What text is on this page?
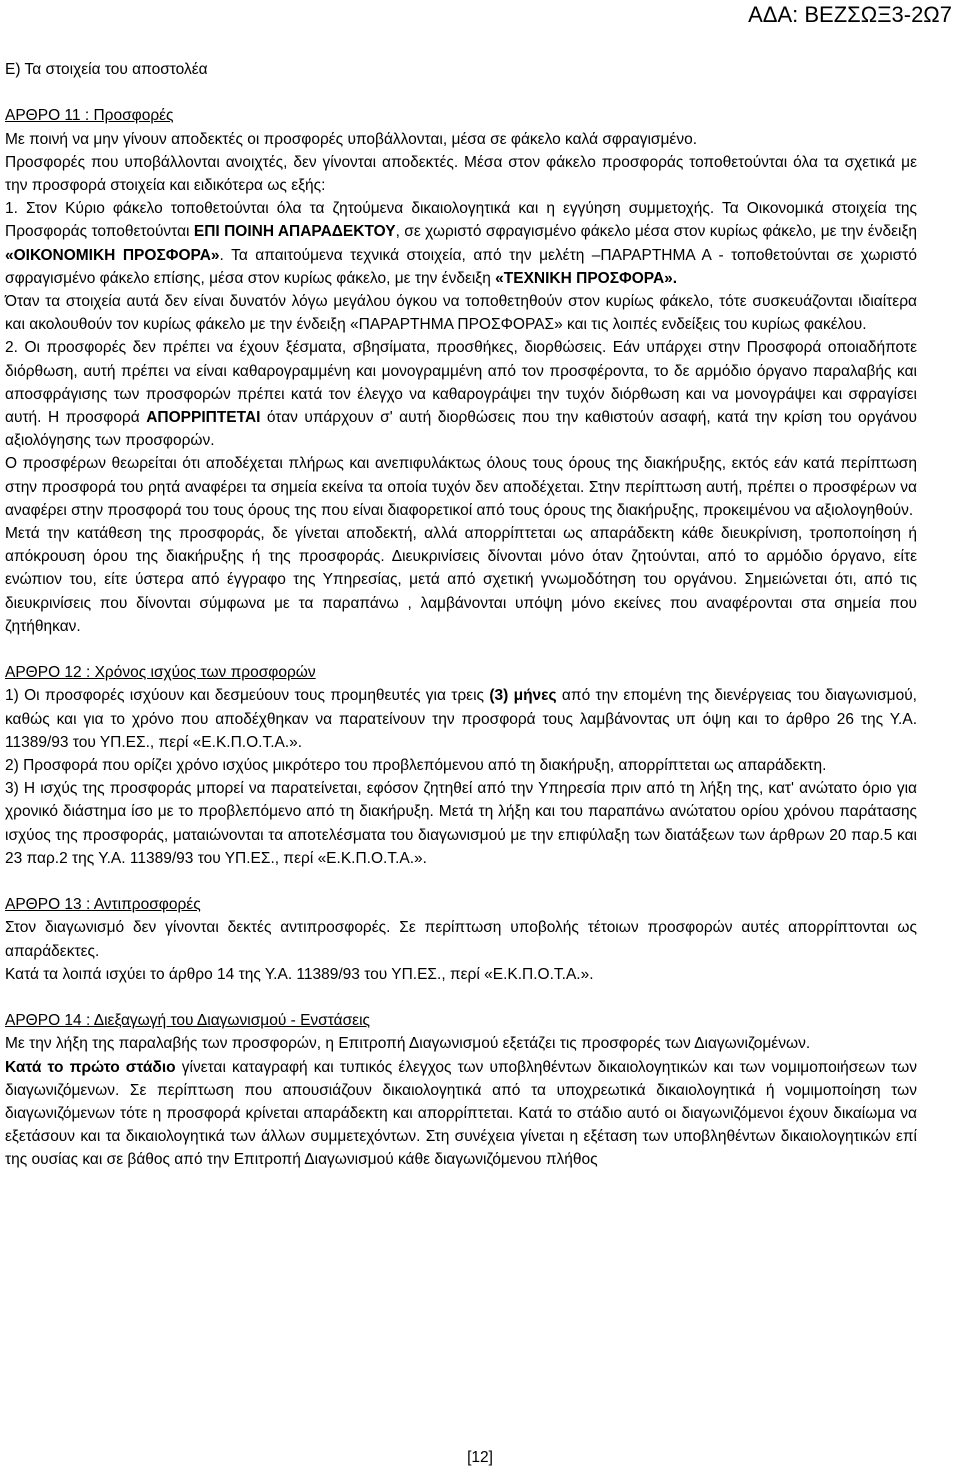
ΑΔΑ: ΒΕΖΣΩΞ3-2Ω7

Ε) Τα στοιχεία του αποστολέα

ΑΡΘΡΟ 11 : Προσφορές

Με ποινή να μην γίνουν αποδεκτές οι προσφορές υποβάλλονται, μέσα σε φάκελο καλά σφραγισμένο.

Προσφορές που υποβάλλονται ανοιχτές, δεν γίνονται αποδεκτές. Μέσα στον φάκελο προσφοράς τοποθετούνται όλα τα σχετικά με την προσφορά στοιχεία και ειδικότερα ως εξής:

1. Στον Κύριο φάκελο τοποθετούνται όλα τα ζητούμενα δικαιολογητικά και η εγγύηση συμμετοχής. Τα Οικονομικά στοιχεία της Προσφοράς τοποθετούνται ΕΠΙ ΠΟΙΝΗ ΑΠΑΡΑΔΕΚΤΟΥ, σε χωριστό σφραγισμένο φάκελο μέσα στον κυρίως φάκελο, με την ένδειξη «ΟΙΚΟΝΟΜΙΚΗ ΠΡΟΣΦΟΡΑ». Τα απαιτούμενα τεχνικά στοιχεία, από την μελέτη –ΠΑΡΑΡΤΗΜΑ Α - τοποθετούνται σε χωριστό σφραγισμένο φάκελο επίσης, μέσα στον κυρίως φάκελο, με την ένδειξη «ΤΕΧΝΙΚΗ ΠΡΟΣΦΟΡΑ».

Όταν τα στοιχεία αυτά δεν είναι δυνατόν λόγω μεγάλου όγκου να τοποθετηθούν στον κυρίως φάκελο, τότε συσκευάζονται ιδιαίτερα και ακολουθούν τον κυρίως φάκελο με την ένδειξη «ΠΑΡΑΡΤΗΜΑ ΠΡΟΣΦΟΡΑΣ» και τις λοιπές ενδείξεις του κυρίως φακέλου.

2. Οι προσφορές δεν πρέπει να έχουν ξέσματα, σβησίματα, προσθήκες, διορθώσεις. Εάν υπάρχει στην Προσφορά οποιαδήποτε διόρθωση, αυτή πρέπει να είναι καθαρογραμμένη και μονογραμμένη από τον προσφέροντα, το δε αρμόδιο όργανο παραλαβής και αποσφράγισης των προσφορών πρέπει κατά τον έλεγχο να καθαρογράψει την τυχόν διόρθωση και να μονογράψει και σφραγίσει αυτή. Η προσφορά ΑΠΟΡΡΙΠΤΕΤΑΙ όταν υπάρχουν σ' αυτή διορθώσεις που την καθιστούν ασαφή, κατά την κρίση του οργάνου αξιολόγησης των προσφορών.

Ο προσφέρων θεωρείται ότι αποδέχεται πλήρως και ανεπιφυλάκτως όλους τους όρους της διακήρυξης, εκτός εάν κατά περίπτωση στην προσφορά του ρητά αναφέρει τα σημεία εκείνα τα οποία τυχόν δεν αποδέχεται. Στην περίπτωση αυτή, πρέπει ο προσφέρων να αναφέρει στην προσφορά του τους όρους της που είναι διαφορετικοί από τους όρους της διακήρυξης, προκειμένου να αξιολογηθούν.

Μετά την κατάθεση της προσφοράς, δε γίνεται αποδεκτή, αλλά απορρίπτεται ως απαράδεκτη κάθε διευκρίνιση, τροποποίηση ή απόκρουση όρου της διακήρυξης ή της προσφοράς. Διευκρινίσεις δίνονται μόνο όταν ζητούνται, από το αρμόδιο όργανο, είτε ενώπιον του, είτε ύστερα από έγγραφο της Υπηρεσίας, μετά από σχετική γνωμοδότηση του οργάνου. Σημειώνεται ότι, από τις διευκρινίσεις που δίνονται σύμφωνα με τα παραπάνω , λαμβάνονται υπόψη μόνο εκείνες που αναφέρονται στα σημεία που ζητήθηκαν.

ΑΡΘΡΟ 12 : Χρόνος ισχύος των προσφορών

1) Οι προσφορές ισχύουν και δεσμεύουν τους προμηθευτές για τρεις (3) μήνες από την επομένη της διενέργειας του διαγωνισμού, καθώς και για το χρόνο που αποδέχθηκαν να παρατείνουν την προσφορά τους λαμβάνοντας υπ όψη και το άρθρο 26 της Υ.Α. 11389/93 του ΥΠ.ΕΣ., περί «Ε.Κ.Π.Ο.Τ.Α.».

2) Προσφορά που ορίζει χρόνο ισχύος μικρότερο του προβλεπόμενου από τη διακήρυξη, απορρίπτεται ως απαράδεκτη.

3) Η ισχύς της προσφοράς μπορεί να παρατείνεται, εφόσον ζητηθεί από την Υπηρεσία πριν από τη λήξη της, κατ' ανώτατο όριο για χρονικό διάστημα ίσο με το προβλεπόμενο από τη διακήρυξη. Μετά τη λήξη και του παραπάνω ανώτατου ορίου χρόνου παράτασης ισχύος της προσφοράς, ματαιώνονται τα αποτελέσματα του διαγωνισμού με την επιφύλαξη των διατάξεων των άρθρων 20 παρ.5 και 23 παρ.2 της Υ.Α. 11389/93 του ΥΠ.ΕΣ., περί «Ε.Κ.Π.Ο.Τ.Α.».

ΑΡΘΡΟ 13 : Αντιπροσφορές

Στον διαγωνισμό δεν γίνονται δεκτές αντιπροσφορές. Σε περίπτωση υποβολής τέτοιων προσφορών αυτές απορρίπτονται ως απαράδεκτες.

Κατά τα λοιπά ισχύει το άρθρο 14 της Υ.Α. 11389/93 του ΥΠ.ΕΣ., περί «Ε.Κ.Π.Ο.Τ.Α.».

ΑΡΘΡΟ 14 : Διεξαγωγή του Διαγωνισμού - Ενστάσεις

Με την λήξη της παραλαβής των προσφορών, η Επιτροπή Διαγωνισμού εξετάζει τις προσφορές των Διαγωνιζομένων.

Κατά το πρώτο στάδιο γίνεται καταγραφή και τυπικός έλεγχος των υποβληθέντων δικαιολογητικών και των νομιμοποιήσεων των διαγωνιζόμενων. Σε περίπτωση που απουσιάζουν δικαιολογητικά από τα υποχρεωτικά δικαιολογητικά ή νομιμοποίηση των διαγωνιζόμενων τότε η προσφορά κρίνεται απαράδεκτη και απορρίπτεται. Κατά το στάδιο αυτό οι διαγωνιζόμενοι έχουν δικαίωμα να εξετάσουν και τα δικαιολογητικά των άλλων συμμετεχόντων. Στη συνέχεια γίνεται η εξέταση των υποβληθέντων δικαιολογητικών επί της ουσίας και σε βάθος από την Επιτροπή Διαγωνισμού κάθε διαγωνιζόμενου πλήθος

[12]
